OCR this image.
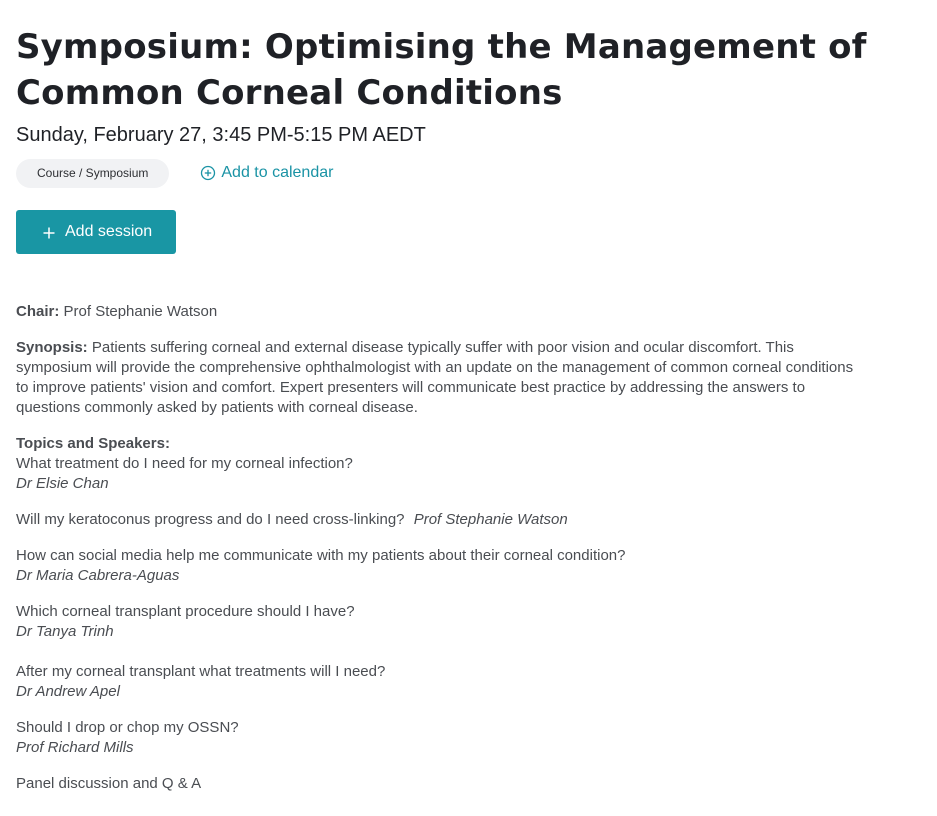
Symposium: Optimising the Management of Common Corneal Conditions
Sunday, February 27, 3:45 PM-5:15 PM AEDT
Course / Symposium	Add to calendar
Add session

Chair: Prof Stephanie Watson

Synopsis: Patients suffering corneal and external disease typically suffer with poor vision and ocular discomfort. This symposium will provide the comprehensive ophthalmologist with an update on the management of common corneal conditions to improve patients' vision and comfort. Expert presenters will communicate best practice by addressing the answers to questions commonly asked by patients with corneal disease.

Topics and Speakers:
What treatment do I need for my corneal infection?
Dr Elsie Chan
Will my keratoconus progress and do I need cross-linking? Prof Stephanie Watson
How can social media help me communicate with my patients about their corneal condition?
Dr Maria Cabrera-Aguas
Which corneal transplant procedure should I have?
Dr Tanya Trinh
After my corneal transplant what treatments will I need?
Dr Andrew Apel
Should I drop or chop my OSSN?
Prof Richard Mills
Panel discussion and Q & A
